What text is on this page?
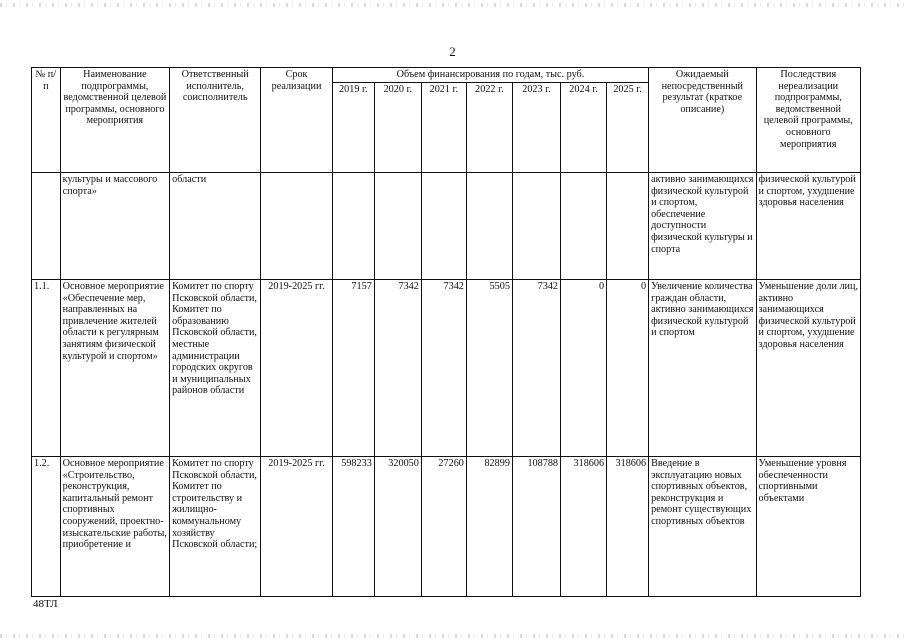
2
№ п/п	Наименование подпрограммы, ведомственной целевой программы, основного мероприятия	Ответственный исполнитель, соисполнитель	Срок реализации	Объем финансирования по годам, тыс. руб.							Ожидаемый непосредственный результат (краткое описание)	Последствия нереализации подпрограммы, ведомственной целевой программы, основного мероприятия
				2019 г.	2020 г.	2021 г.	2022 г.	2023 г.	2024 г.	2025 г.		
	культуры и массового спорта»	области									активно занимающихся физической культурой и спортом, обеспечение доступности физической культуры и спорта	физической культурой и спортом, ухудшение здоровья населения
1.1.	Основное мероприятие «Обеспечение мер, направленных на привлечение жителей области к регулярным занятиям физической культурой и спортом»	Комитет по спорту Псковской области, Комитет по образованию Псковской области, местные администрации городских округов и муниципальных районов области	2019-2025 гг.	7157	7342	7342	5505	7342	0	0	Увеличение количества граждан области, активно занимающихся физической культурой и спортом	Уменьшение доли лиц, активно занимающихся физической культурой и спортом, ухудшение здоровья населения
1.2.	Основное мероприятие «Строительство, реконструкция, капитальный ремонт спортивных сооружений, проектно-изыскательские работы, приобретение и	Комитет по спорту Псковской области, Комитет по строительству и жилищно-коммунальному хозяйству Псковской области;	2019-2025 гг.	598233	320050	27260	82899	108788	318606	318606	Введение в эксплуатацию новых спортивных объектов, реконструкция и ремонт существующих спортивных объектов	Уменьшение уровня обеспеченности спортивными объектами
48ТЛ
